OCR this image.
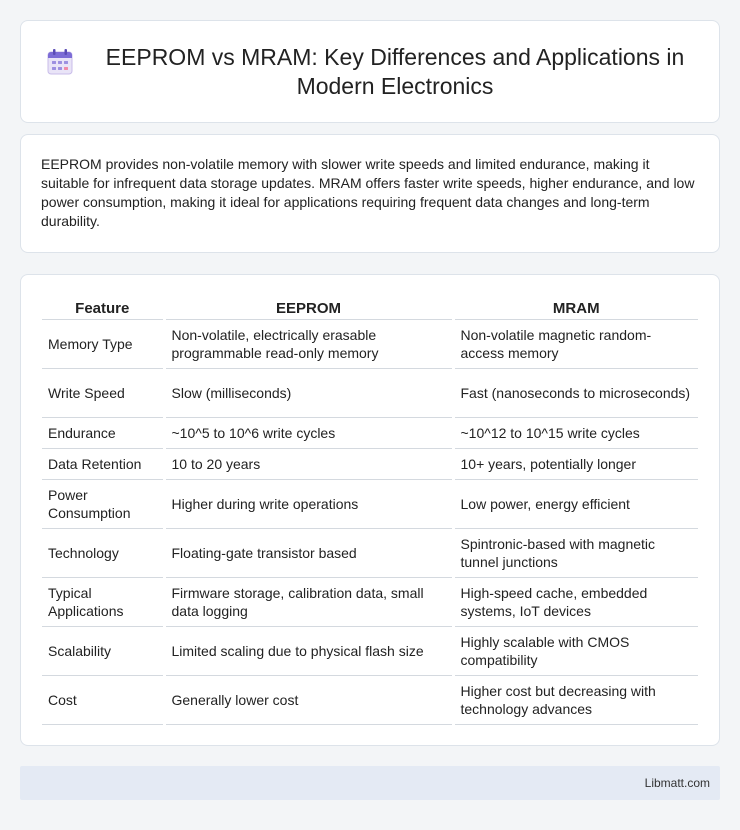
EEPROM vs MRAM: Key Differences and Applications in Modern Electronics

EEPROM provides non-volatile memory with slower write speeds and limited endurance, making it suitable for infrequent data storage updates. MRAM offers faster write speeds, higher endurance, and low power consumption, making it ideal for applications requiring frequent data changes and long-term durability.

Feature	EEPROM	MRAM
Memory Type	Non-volatile, electrically erasable programmable read-only memory	Non-volatile magnetic random-access memory
Write Speed	Slow (milliseconds)	Fast (nanoseconds to microseconds)
Endurance	~10^5 to 10^6 write cycles	~10^12 to 10^15 write cycles
Data Retention	10 to 20 years	10+ years, potentially longer
Power Consumption	Higher during write operations	Low power, energy efficient
Technology	Floating-gate transistor based	Spintronic-based with magnetic tunnel junctions
Typical Applications	Firmware storage, calibration data, small data logging	High-speed cache, embedded systems, IoT devices
Scalability	Limited scaling due to physical flash size	Highly scalable with CMOS compatibility
Cost	Generally lower cost	Higher cost but decreasing with technology advances
Libmatt.com
